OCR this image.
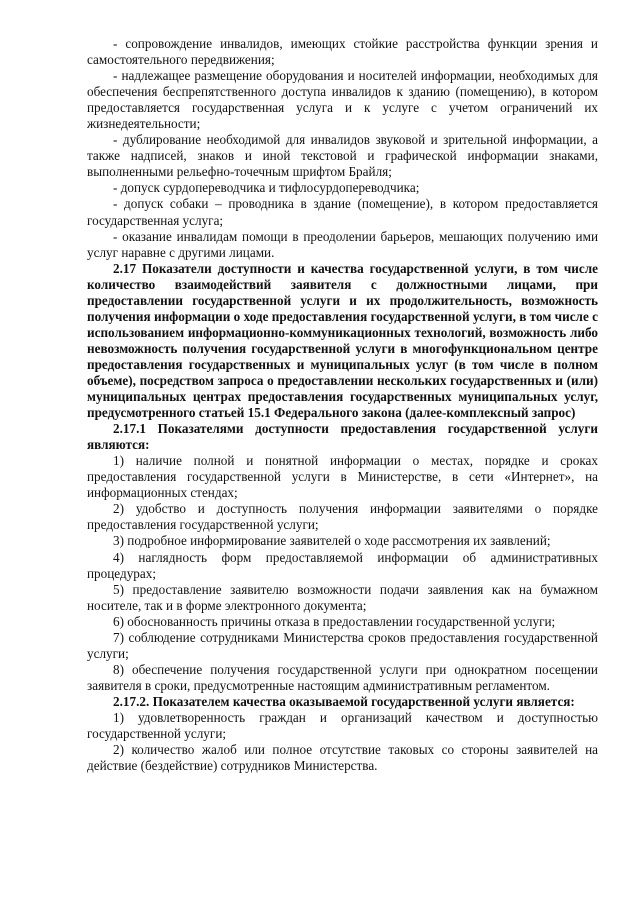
- сопровождение инвалидов, имеющих стойкие расстройства функции зрения и самостоятельного передвижения;

- надлежащее размещение оборудования и носителей информации, необходимых для обеспечения беспрепятственного доступа инвалидов к зданию (помещению), в котором предоставляется государственная услуга и к услуге с учетом ограничений их жизнедеятельности;

- дублирование необходимой для инвалидов звуковой и зрительной информации, а также надписей, знаков и иной текстовой и графической информации знаками, выполненными рельефно-точечным шрифтом Брайля;

- допуск сурдопереводчика и тифлосурдопереводчика;

- допуск собаки – проводника в здание (помещение), в котором предоставляется государственная услуга;

- оказание инвалидам помощи в преодолении барьеров, мешающих получению ими услуг наравне с другими лицами.

2.17 Показатели доступности и качества государственной услуги, в том числе количество взаимодействий заявителя с должностными лицами, при предоставлении государственной услуги и их продолжительность, возможность получения информации о ходе предоставления государственной услуги, в том числе с использованием информационно-коммуникационных технологий, возможность либо невозможность получения государственной услуги в многофункциональном центре предоставления государственных и муниципальных услуг (в том числе в полном объеме), посредством запроса о предоставлении нескольких государственных и (или) муниципальных центрах предоставления государственных муниципальных услуг, предусмотренного статьей 15.1 Федерального закона (далее-комплексный запрос)

2.17.1 Показателями доступности предоставления государственной услуги являются:

1) наличие полной и понятной информации о местах, порядке и сроках предоставления государственной услуги в Министерстве, в сети «Интернет», на информационных стендах;

2) удобство и доступность получения информации заявителями о порядке предоставления государственной услуги;

3) подробное информирование заявителей о ходе рассмотрения их заявлений;

4) наглядность форм предоставляемой информации об административных процедурах;

5) предоставление заявителю возможности подачи заявления как на бумажном носителе, так и в форме электронного документа;

6) обоснованность причины отказа в предоставлении государственной услуги;

7) соблюдение сотрудниками Министерства сроков предоставления государственной услуги;

8) обеспечение получения государственной услуги при однократном посещении заявителя в сроки, предусмотренные настоящим административным регламентом.

2.17.2. Показателем качества оказываемой государственной услуги является:

1) удовлетворенность граждан и организаций качеством и доступностью государственной услуги;

2) количество жалоб или полное отсутствие таковых со стороны заявителей на действие (бездействие) сотрудников Министерства.
